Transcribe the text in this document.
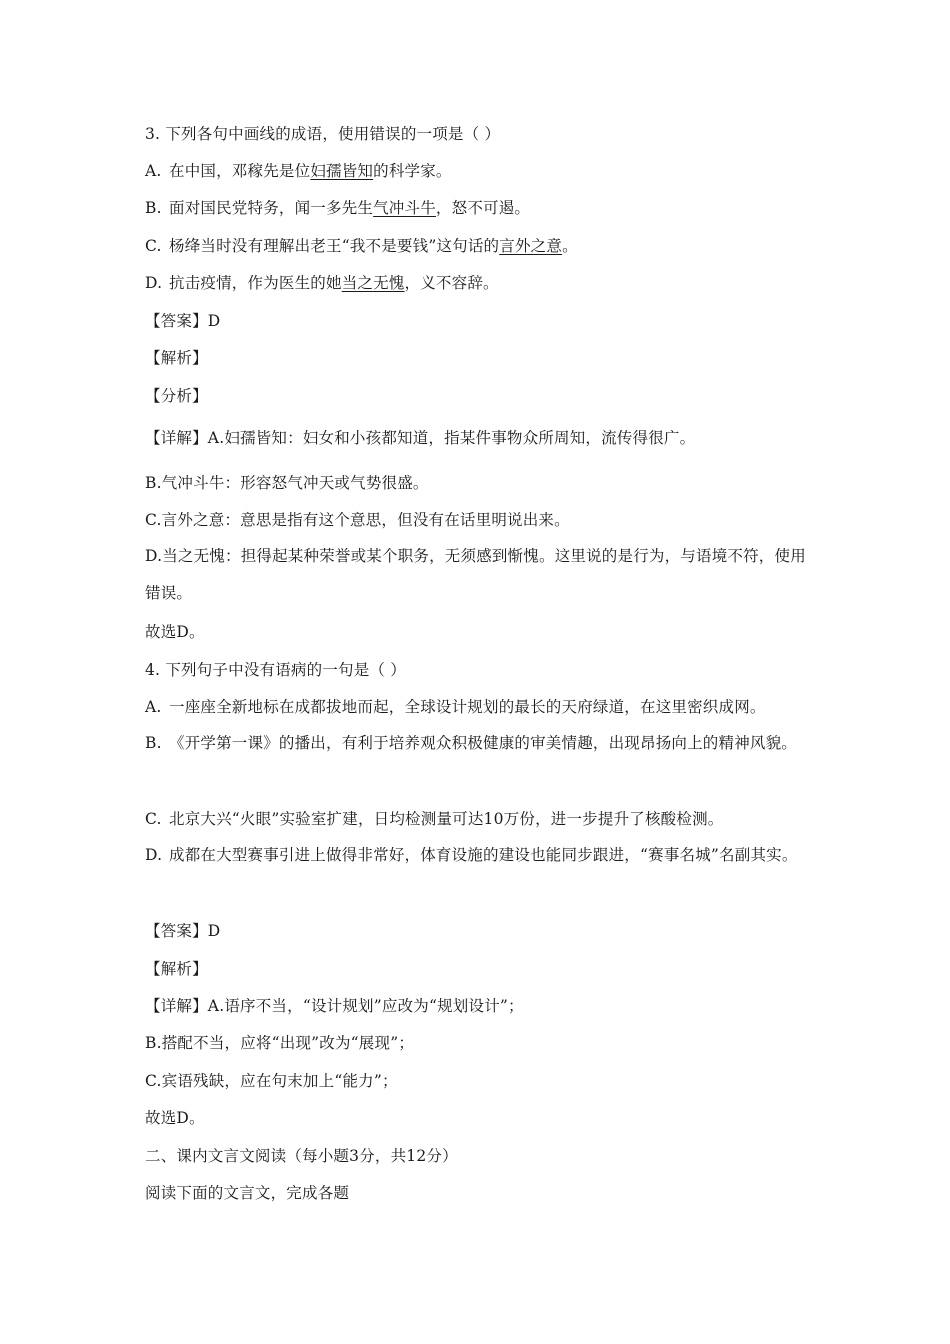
3. 下列各句中画线的成语，使用错误的一项是（ ）
A. 在中国，邓稼先是位妇孺皆知的科学家。
B. 面对国民党特务，闻一多先生气冲斗牛，怒不可遏。
C. 杨绛当时没有理解出老王“我不是要钱”这句话的言外之意。
D. 抗击疫情，作为医生的她当之无愧，义不容辞。
【答案】D
【解析】
【分析】
【详解】A.妇孺皆知：妇女和小孩都知道，指某件事物众所周知，流传得很广。
B.气冲斗牛：形容怒气冲天或气势很盛。
C.言外之意：意思是指有这个意思，但没有在话里明说出来。
D.当之无愧：担得起某种荣誉或某个职务，无须感到惭愧。这里说的是行为，与语境不符，使用错误。
故选D。
4. 下列句子中没有语病的一句是（ ）
A. 一座座全新地标在成都拔地而起，全球设计规划的最长的天府绿道，在这里密织成网。
B. 《开学第一课》的播出，有利于培养观众积极健康的审美情趣，出现昂扬向上的精神风貌。
C. 北京大兴“火眼”实验室扩建，日均检测量可达10万份，进一步提升了核酸检测。
D. 成都在大型赛事引进上做得非常好，体育设施的建设也能同步跟进，“赛事名城”名副其实。
【答案】D
【解析】
【详解】A.语序不当，“设计规划”应改为“规划设计”；
B.搭配不当，应将“出现”改为“展现”；
C.宾语残缺，应在句末加上“能力”；
故选D。
二、课内文言文阅读（每小题3分，共12分）
阅读下面的文言文，完成各题
